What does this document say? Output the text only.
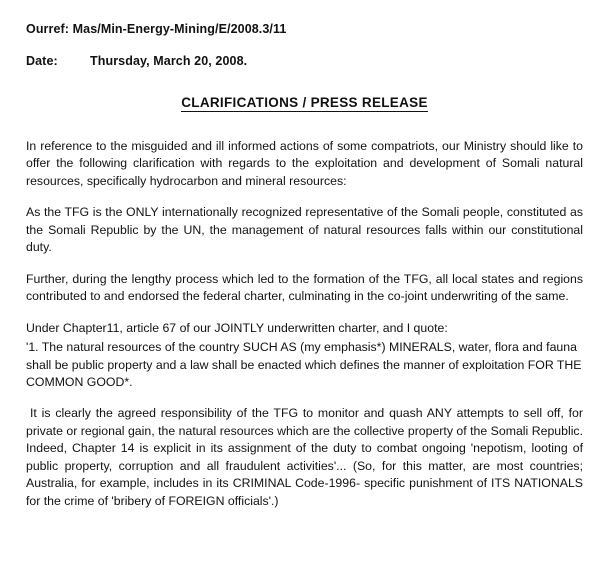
Ourref: Mas/Min-Energy-Mining/E/2008.3/11
Date:	Thursday, March 20, 2008.
CLARIFICATIONS / PRESS RELEASE

In reference to the misguided and ill informed actions of some compatriots, our Ministry should like to offer the following clarification with regards to the exploitation and development of Somali natural resources, specifically hydrocarbon and mineral resources:

As the TFG is the ONLY internationally recognized representative of the Somali people, constituted as the Somali Republic by the UN, the management of natural resources falls within our constitutional duty.

Further, during the lengthy process which led to the formation of the TFG, all local states and regions contributed to and endorsed the federal charter, culminating in the co-joint underwriting of the same.

Under Chapter11, article 67 of our JOINTLY underwritten charter, and I quote:

'1. The natural resources of the country SUCH AS (my emphasis*) MINERALS, water, flora and fauna shall be public property and a law shall be enacted which defines the manner of exploitation FOR THE COMMON GOOD*.

It is clearly the agreed responsibility of the TFG to monitor and quash ANY attempts to sell off, for private or regional gain, the natural resources which are the collective property of the Somali Republic. Indeed, Chapter 14 is explicit in its assignment of the duty to combat ongoing 'nepotism, looting of public property, corruption and all fraudulent activities'... (So, for this matter, are most countries; Australia, for example, includes in its CRIMINAL Code-1996- specific punishment of ITS NATIONALS for the crime of 'bribery of FOREIGN officials'.)
